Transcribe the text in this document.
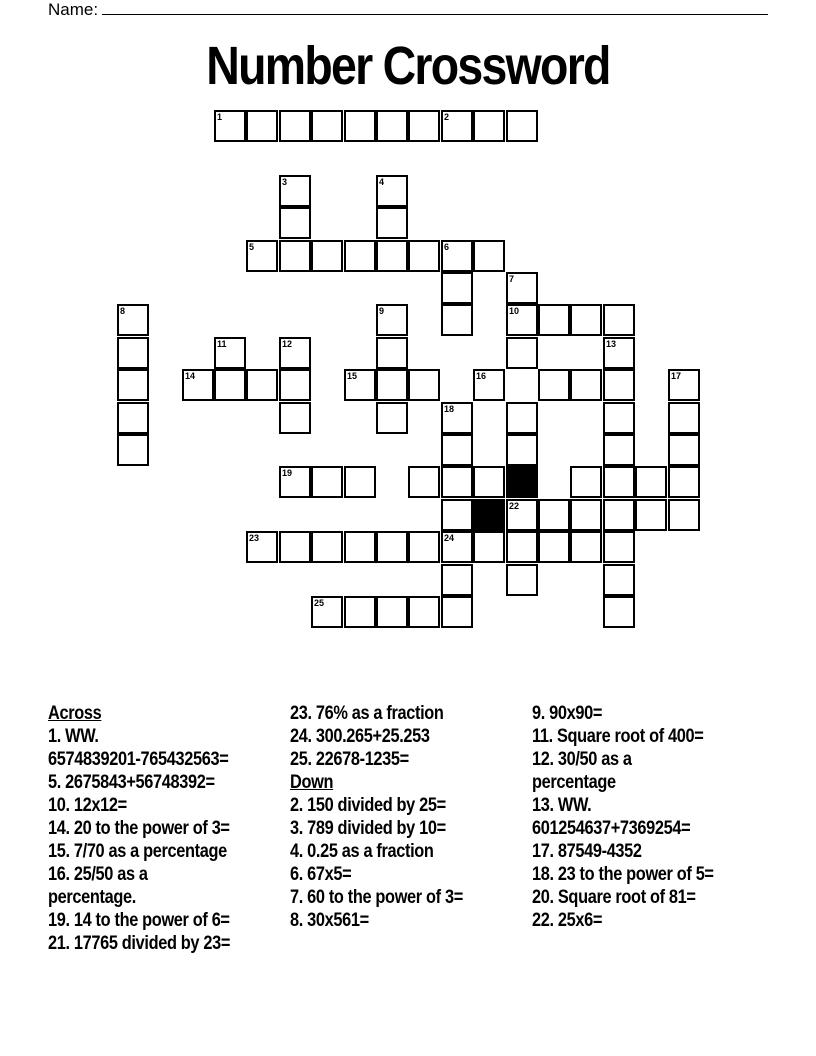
Name:
Number Crossword
1	2
3	4
5	6
7
10
8	9
11	12
14	15	16
13
22
18
24
17
19
23
25
Across
1. WW.
6574839201-765432563=
5. 2675843+56748392=
10. 12x12=
14. 20 to the power of 3=
15. 7/70 as a percentage
16. 25/50 as a
percentage.
19. 14 to the power of 6=
21. 17765 divided by 23=
23. 76% as a fraction
24. 300.265+25.253
25. 22678-1235=
Down
2. 150 divided by 25=
3. 789 divided by 10=
4. 0.25 as a fraction
6. 67x5=
7. 60 to the power of 3=
8. 30x561=
9. 90x90=
11. Square root of 400=
12. 30/50 as a
percentage
13. WW.
601254637+7369254=
17. 87549-4352
18. 23 to the power of 5=
20. Square root of 81=
22. 25x6=
